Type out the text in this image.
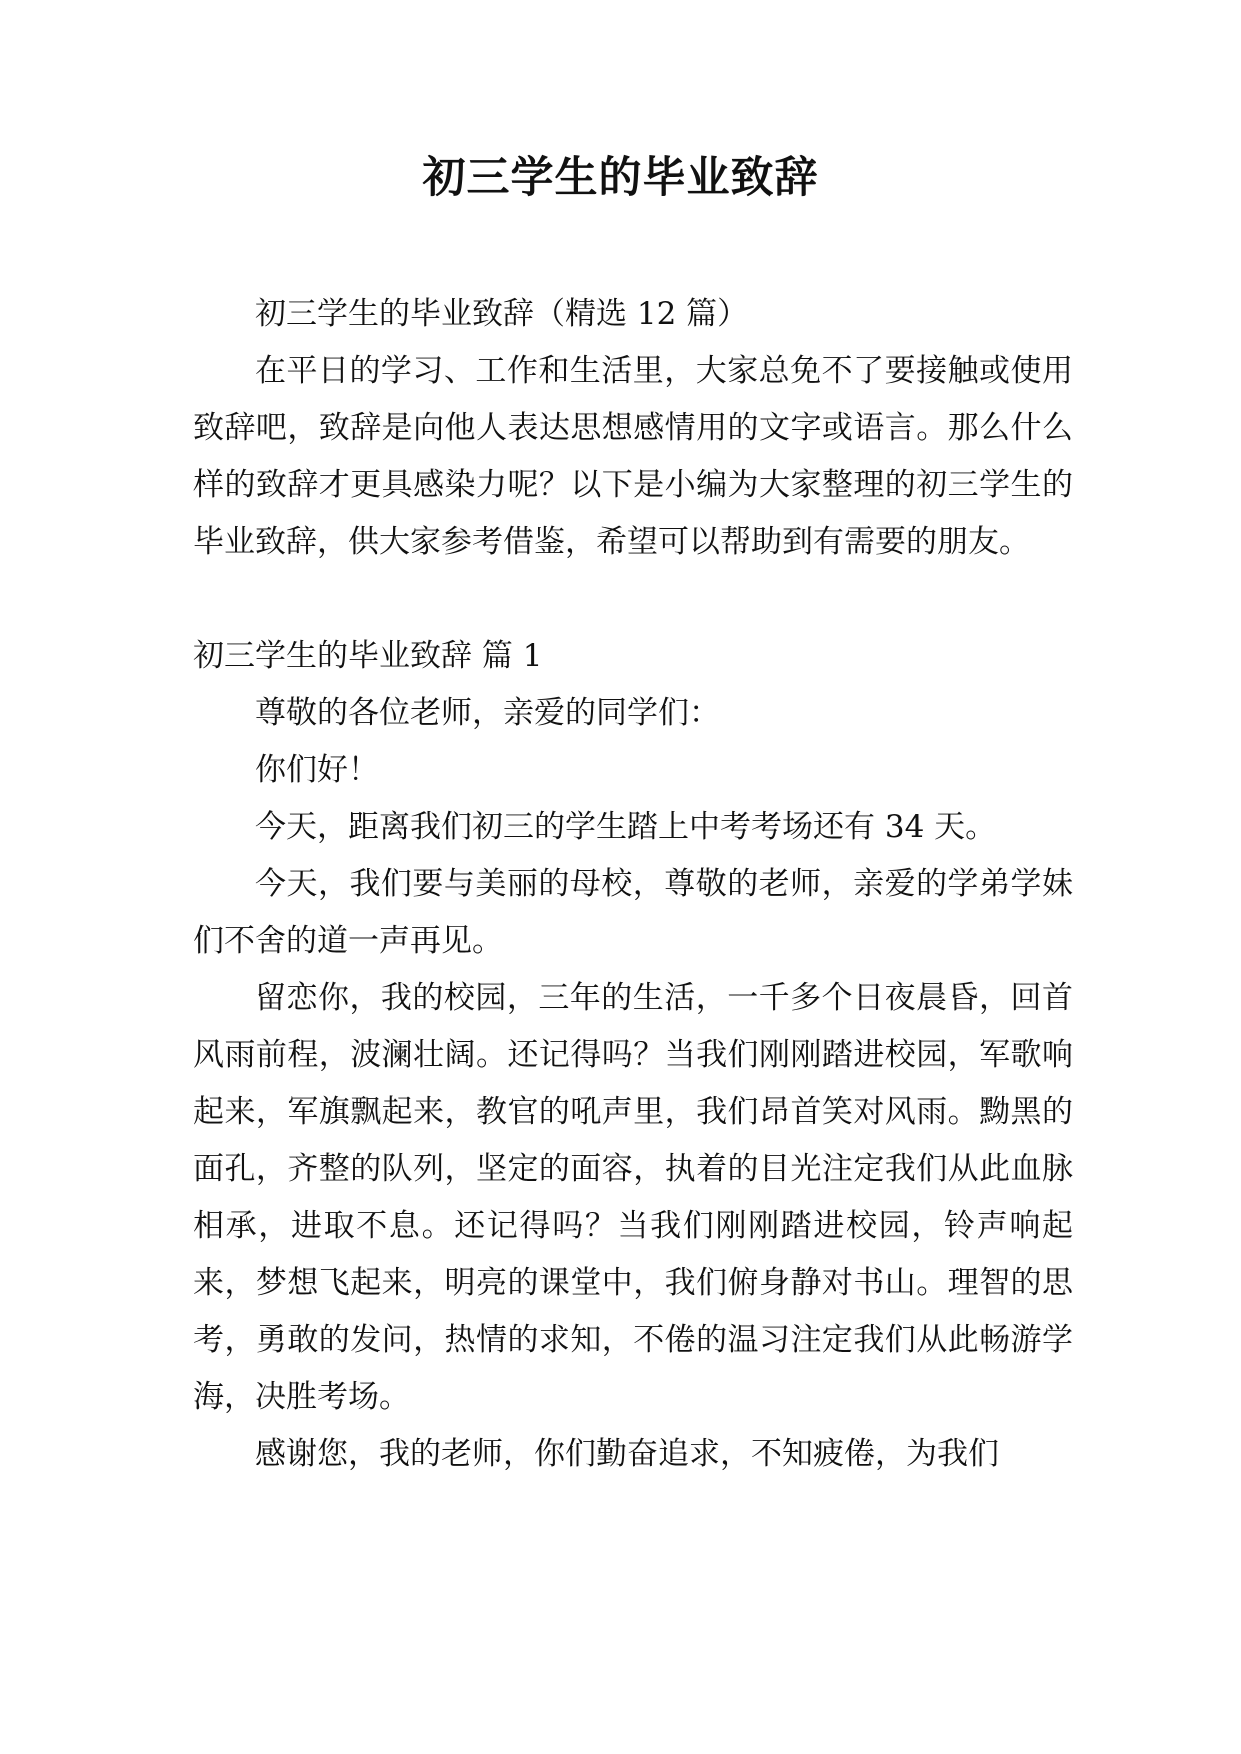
初三学生的毕业致辞

初三学生的毕业致辞（精选 12 篇）

在平日的学习、工作和生活里，大家总免不了要接触或使用致辞吧，致辞是向他人表达思想感情用的文字或语言。那么什么样的致辞才更具感染力呢？以下是小编为大家整理的初三学生的毕业致辞，供大家参考借鉴，希望可以帮助到有需要的朋友。

初三学生的毕业致辞 篇 1

尊敬的各位老师，亲爱的同学们：

你们好！

今天，距离我们初三的学生踏上中考考场还有 34 天。

今天，我们要与美丽的母校，尊敬的老师，亲爱的学弟学妹们不舍的道一声再见。

留恋你，我的校园，三年的生活，一千多个日夜晨昏，回首风雨前程，波澜壮阔。还记得吗？当我们刚刚踏进校园，军歌响起来，军旗飘起来，教官的吼声里，我们昂首笑对风雨。黝黑的面孔，齐整的队列，坚定的面容，执着的目光注定我们从此血脉相承，进取不息。还记得吗？当我们刚刚踏进校园，铃声响起来，梦想飞起来，明亮的课堂中，我们俯身静对书山。理智的思考，勇敢的发问，热情的求知，不倦的温习注定我们从此畅游学海，决胜考场。

感谢您，我的老师，你们勤奋追求，不知疲倦，为我们
